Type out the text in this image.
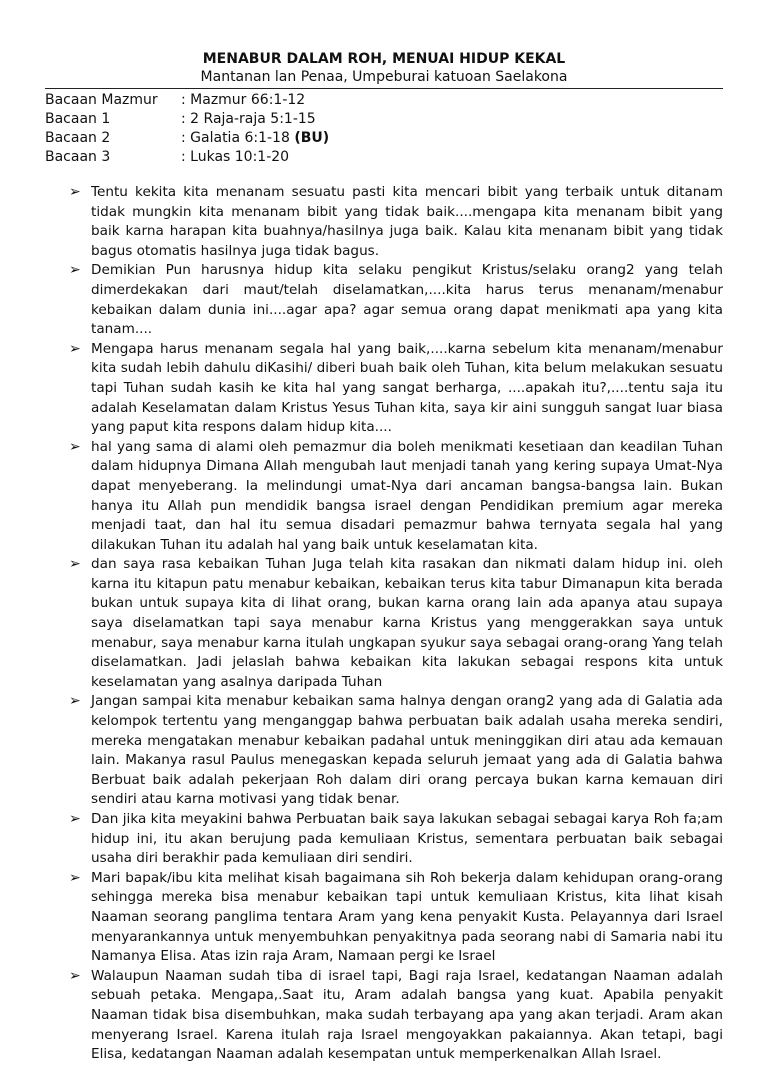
MENABUR DALAM ROH, MENUAI HIDUP KEKAL

Mantanan lan Penaa, Umpeburai katuoan Saelakona

Bacaan Mazmur	: Mazmur 66:1-12
Bacaan 1	: 2 Raja-raja 5:1-15
Bacaan 2	: Galatia 6:1-18 (BU)
Bacaan 3	: Lukas 10:1-20
➢ Tentu kekita kita menanam sesuatu pasti kita mencari bibit yang terbaik untuk ditanam tidak mungkin kita menanam bibit yang tidak baik....mengapa kita menanam bibit yang baik karna harapan kita buahnya/hasilnya juga baik. Kalau kita menanam bibit yang tidak bagus otomatis hasilnya juga tidak bagus.
➢ Demikian Pun harusnya hidup kita selaku pengikut Kristus/selaku orang2 yang telah dimerdekakan dari maut/telah diselamatkan,....kita harus terus menanam/menabur kebaikan dalam dunia ini....agar apa? agar semua orang dapat menikmati apa yang kita tanam....
➢ Mengapa harus menanam segala hal yang baik,....karna sebelum kita menanam/menabur kita sudah lebih dahulu diKasihi/ diberi buah baik oleh Tuhan, kita belum melakukan sesuatu tapi Tuhan sudah kasih ke kita hal yang sangat berharga, ....apakah itu?,....tentu saja itu adalah Keselamatan dalam Kristus Yesus Tuhan kita, saya kir aini sungguh sangat luar biasa yang paput kita respons dalam hidup kita....
➢ hal yang sama di alami oleh pemazmur dia boleh menikmati kesetiaan dan keadilan Tuhan dalam hidupnya Dimana Allah mengubah laut menjadi tanah yang kering supaya Umat-Nya dapat menyeberang. Ia melindungi umat-Nya dari ancaman bangsa-bangsa lain. Bukan hanya itu Allah pun mendidik bangsa israel dengan Pendidikan premium agar mereka menjadi taat, dan hal itu semua disadari pemazmur bahwa ternyata segala hal yang dilakukan Tuhan itu adalah hal yang baik untuk keselamatan kita.
➢ dan saya rasa kebaikan Tuhan Juga telah kita rasakan dan nikmati dalam hidup ini. oleh karna itu kitapun patu menabur kebaikan, kebaikan terus kita tabur Dimanapun kita berada bukan untuk supaya kita di lihat orang, bukan karna orang lain ada apanya atau supaya saya diselamatkan tapi saya menabur karna Kristus yang menggerakkan saya untuk menabur, saya menabur karna itulah ungkapan syukur saya sebagai orang-orang Yang telah diselamatkan. Jadi jelaslah bahwa kebaikan kita lakukan sebagai respons kita untuk keselamatan yang asalnya daripada Tuhan
➢ Jangan sampai kita menabur kebaikan sama halnya dengan orang2 yang ada di Galatia ada kelompok tertentu yang menganggap bahwa perbuatan baik adalah usaha mereka sendiri, mereka mengatakan menabur kebaikan padahal untuk meninggikan diri atau ada kemauan lain. Makanya rasul Paulus menegaskan kepada seluruh jemaat yang ada di Galatia bahwa Berbuat baik adalah pekerjaan Roh dalam diri orang percaya bukan karna kemauan diri sendiri atau karna motivasi yang tidak benar.
➢ Dan jika kita meyakini bahwa Perbuatan baik saya lakukan sebagai sebagai karya Roh fa;am hidup ini, itu akan berujung pada kemuliaan Kristus, sementara perbuatan baik sebagai usaha diri berakhir pada kemuliaan diri sendiri.
➢ Mari bapak/ibu kita melihat kisah bagaimana sih Roh bekerja dalam kehidupan orang-orang sehingga mereka bisa menabur kebaikan tapi untuk kemuliaan Kristus, kita lihat kisah Naaman seorang panglima tentara Aram yang kena penyakit Kusta. Pelayannya dari Israel menyarankannya untuk menyembuhkan penyakitnya pada seorang nabi di Samaria nabi itu Namanya Elisa. Atas izin raja Aram, Namaan pergi ke Israel
➢ Walaupun Naaman sudah tiba di israel tapi, Bagi raja Israel, kedatangan Naaman adalah sebuah petaka. Mengapa,.Saat itu, Aram adalah bangsa yang kuat. Apabila penyakit Naaman tidak bisa disembuhkan, maka sudah terbayang apa yang akan terjadi. Aram akan menyerang Israel. Karena itulah raja Israel mengoyakkan pakaiannya. Akan tetapi, bagi Elisa, kedatangan Naaman adalah kesempatan untuk memperkenalkan Allah Israel.
